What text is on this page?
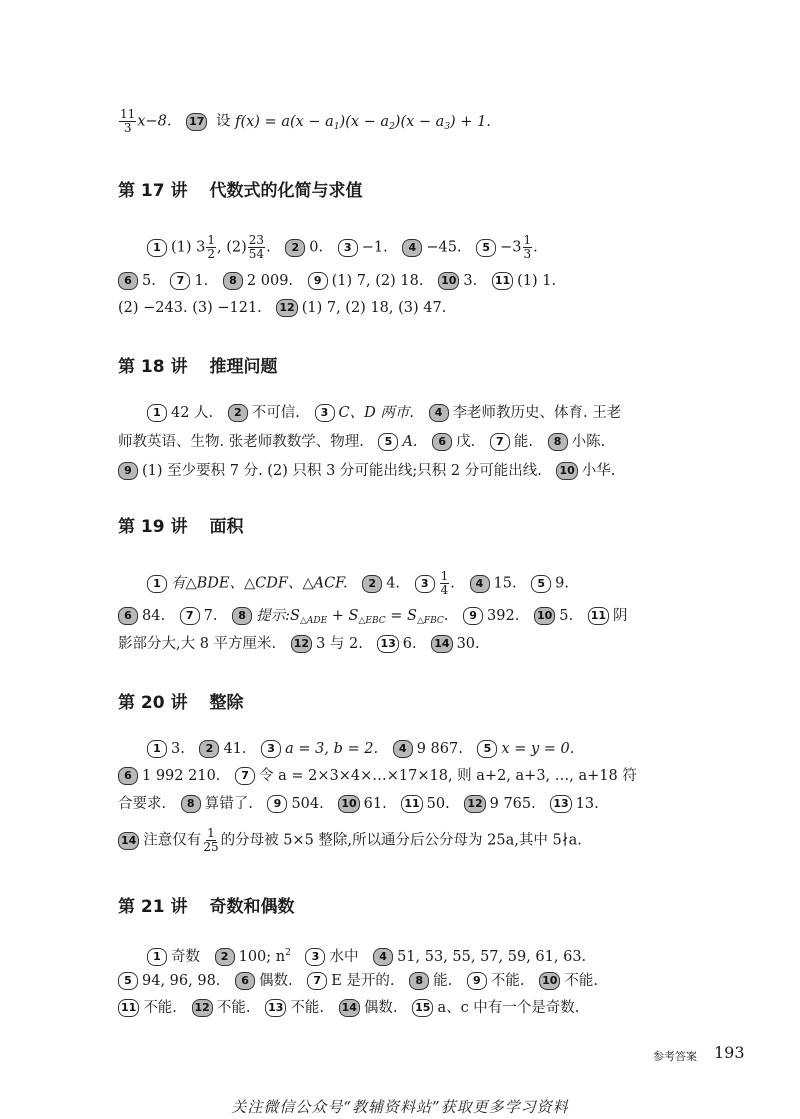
$\frac{11}{3} x-8$. 17 设 $f(x) = a(x - a_1)(x - a_2)(x - a_3) + 1$.
第 17 讲 代数式的化简与求值
1 (1) $3 \frac{1}{2}$ , $(2) \frac{23}{54}$ . 2 0. 3 −1. 4 −45. $5 -3 \frac{1}{3}$ .
6 5. 7 1. 8 2 009. 9 (1) 7, (2) 18. 10 3. 11 (1) 1.
(2) −243. (3) −121. 12 (1) 7, (2) 18, (3) 47.
第 18 讲 推理问题
1 42 人. 2 不可信. 3 C、D 两市. 4 李老师教历史、体育. 王老
师教英语、生物. 张老师教数学、物理. 5 A. 6 戊. 7 能. 8 小陈.
9 (1) 至少要积 7 分. (2) 只积 3 分可能出线;只积 2 分可能出线. 10 小华.
第 19 讲 面积
1 有△BDE、△CDF、△ACF. 2 4. $3 \frac{1}{4}$ . 4 15. 5 9.
6 84. 7 7. 8 提示$:S_{\triangle ADE} + S_{\triangle EBC} = S_{\triangle FBC}$. 9 392. 10 5. 11 阴
影部分大,大 8 平方厘米. 12 3 与 2. 13 6. 14 30.
第 20 讲 整除
1 3. 2 41. 3 a = 3, b = 2. 4 9 867. 5 x = y = 0.
6 1 992 210. 7 令 a = 2×3×4×…×17×18, 则 a+2, a+3, …, a+18 符
合要求. 8 算错了. 9 504. 10 61. 11 50. 12 9 765. 13 13.
14 注意仅有 $\frac{1}{25}$ 的分母被 5×5 整除,所以通分后公分母为 25a,其中 5∤a.
第 21 讲 奇数和偶数
1 奇数 2 100; $n^2$ 3 水中 4 51, 53, 55, 57, 59, 61, 63.
5 94, 96, 98. 6 偶数. 7 E 是开的. 8 能. 9 不能. 10 不能.
11 不能. 12 不能. 13 不能. 14 偶数. 15 a、c 中有一个是奇数.
参考答案 193
关注微信公众号“教辅资料站”获取更多学习资料
